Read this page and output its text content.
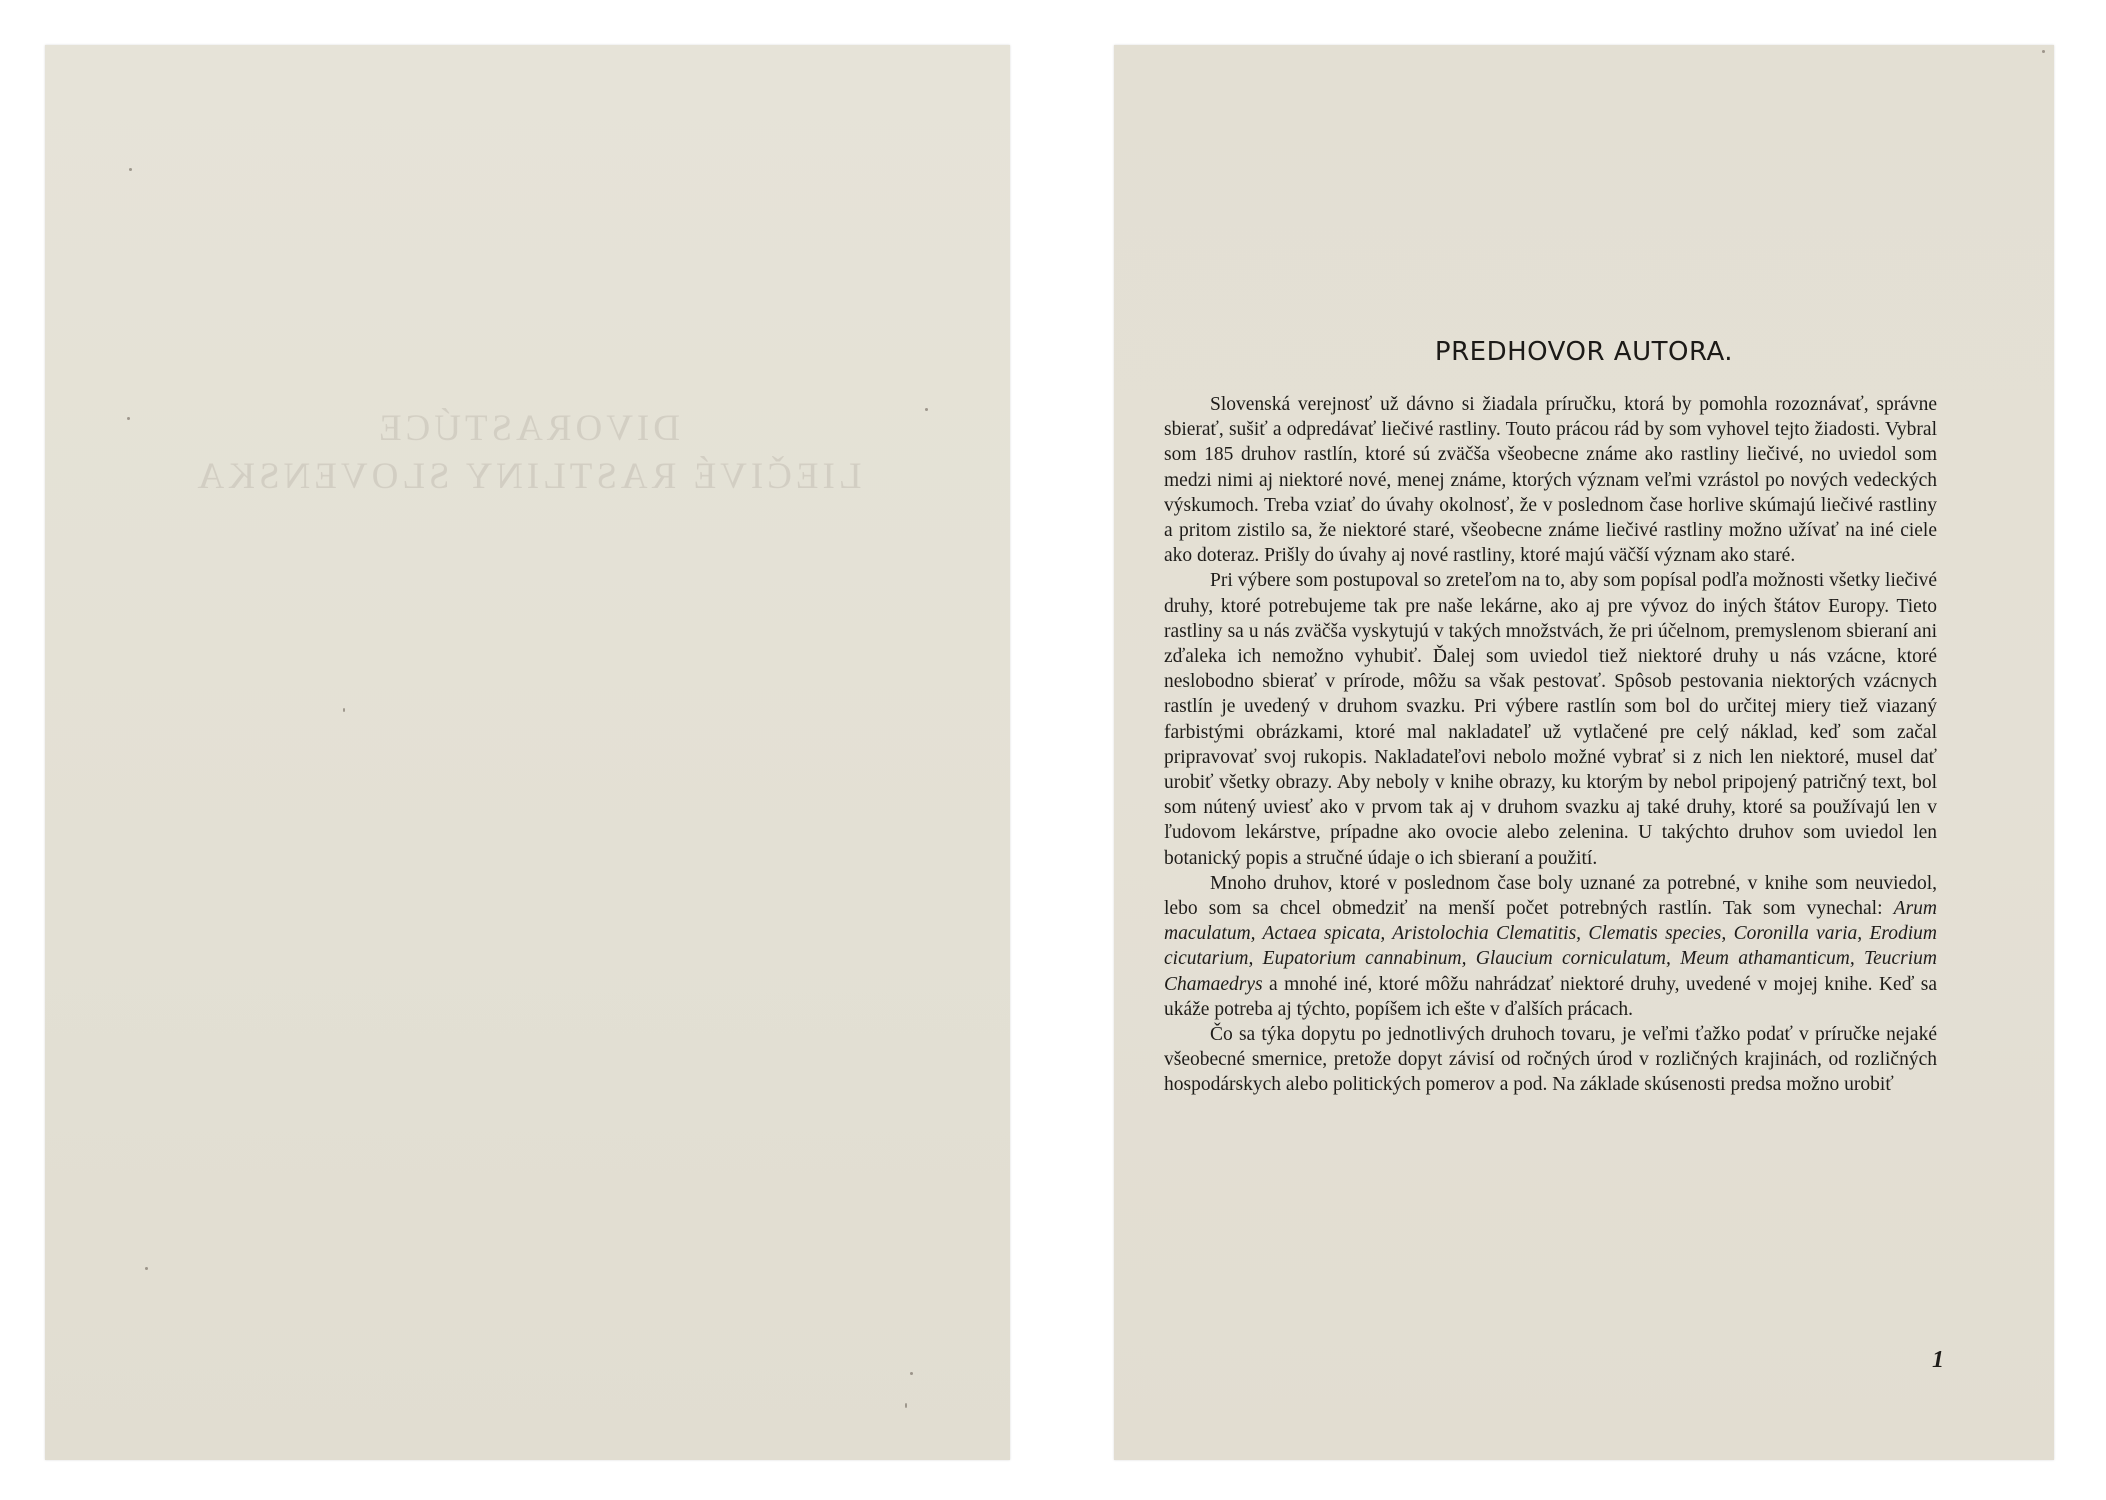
DIVORASTÚCE
LIEČIVÉ RASTLINY SLOVENSKA
PREDHOVOR AUTORA.

Slovenská verejnosť už dávno si žiadala príručku, ktorá by pomohla rozoznávať, správne sbierať, sušiť a odpredávať liečivé rastliny. Touto prácou rád by som vyhovel tejto žiadosti. Vybral som 185 druhov rastlín, ktoré sú zväčša všeobecne známe ako rastliny liečivé, no uviedol som medzi nimi aj niektoré nové, menej známe, ktorých význam veľmi vzrástol po nových vedeckých výskumoch. Treba vziať do úvahy okolnosť, že v poslednom čase horlive skúmajú liečivé rastliny a pritom zistilo sa, že niektoré staré, všeobecne známe liečivé rastliny možno užívať na iné ciele ako doteraz. Prišly do úvahy aj nové rastliny, ktoré majú väčší význam ako staré.

Pri výbere som postupoval so zreteľom na to, aby som popísal podľa možnosti všetky liečivé druhy, ktoré potrebujeme tak pre naše lekárne, ako aj pre vývoz do iných štátov Europy. Tieto rastliny sa u nás zväčša vyskytujú v takých množstvách, že pri účelnom, premyslenom sbieraní ani zďaleka ich nemožno vyhubiť. Ďalej som uviedol tiež niektoré druhy u nás vzácne, ktoré neslobodno sbierať v prírode, môžu sa však pestovať. Spôsob pestovania niektorých vzácnych rastlín je uvedený v druhom svazku. Pri výbere rastlín som bol do určitej miery tiež viazaný farbistými obrázkami, ktoré mal nakladateľ už vytlačené pre celý náklad, keď som začal pripravovať svoj rukopis. Nakladateľovi nebolo možné vybrať si z nich len niektoré, musel dať urobiť všetky obrazy. Aby neboly v knihe obrazy, ku ktorým by nebol pripojený patričný text, bol som nútený uviesť ako v prvom tak aj v druhom svazku aj také druhy, ktoré sa používajú len v ľudovom lekárstve, prípadne ako ovocie alebo zelenina. U takýchto druhov som uviedol len botanický popis a stručné údaje o ich sbieraní a použití.

Mnoho druhov, ktoré v poslednom čase boly uznané za potrebné, v knihe som neuviedol, lebo som sa chcel obmedziť na menší počet potrebných rastlín. Tak som vynechal: Arum maculatum, Actaea spicata, Aristolochia Clematitis, Clematis species, Coronilla varia, Erodium cicutarium, Eupatorium cannabinum, Glaucium corniculatum, Meum athamanticum, Teucrium Chamaedrys a mnohé iné, ktoré môžu nahrádzať niektoré druhy, uvedené v mojej knihe. Keď sa ukáže potreba aj týchto, popíšem ich ešte v ďalších prácach.

Čo sa týka dopytu po jednotlivých druhoch tovaru, je veľmi ťažko podať v príručke nejaké všeobecné smernice, pretože dopyt závisí od ročných úrod v rozličných krajinách, od rozličných hospodárskych alebo politických pomerov a pod. Na základe skúsenosti predsa možno urobiť

1
